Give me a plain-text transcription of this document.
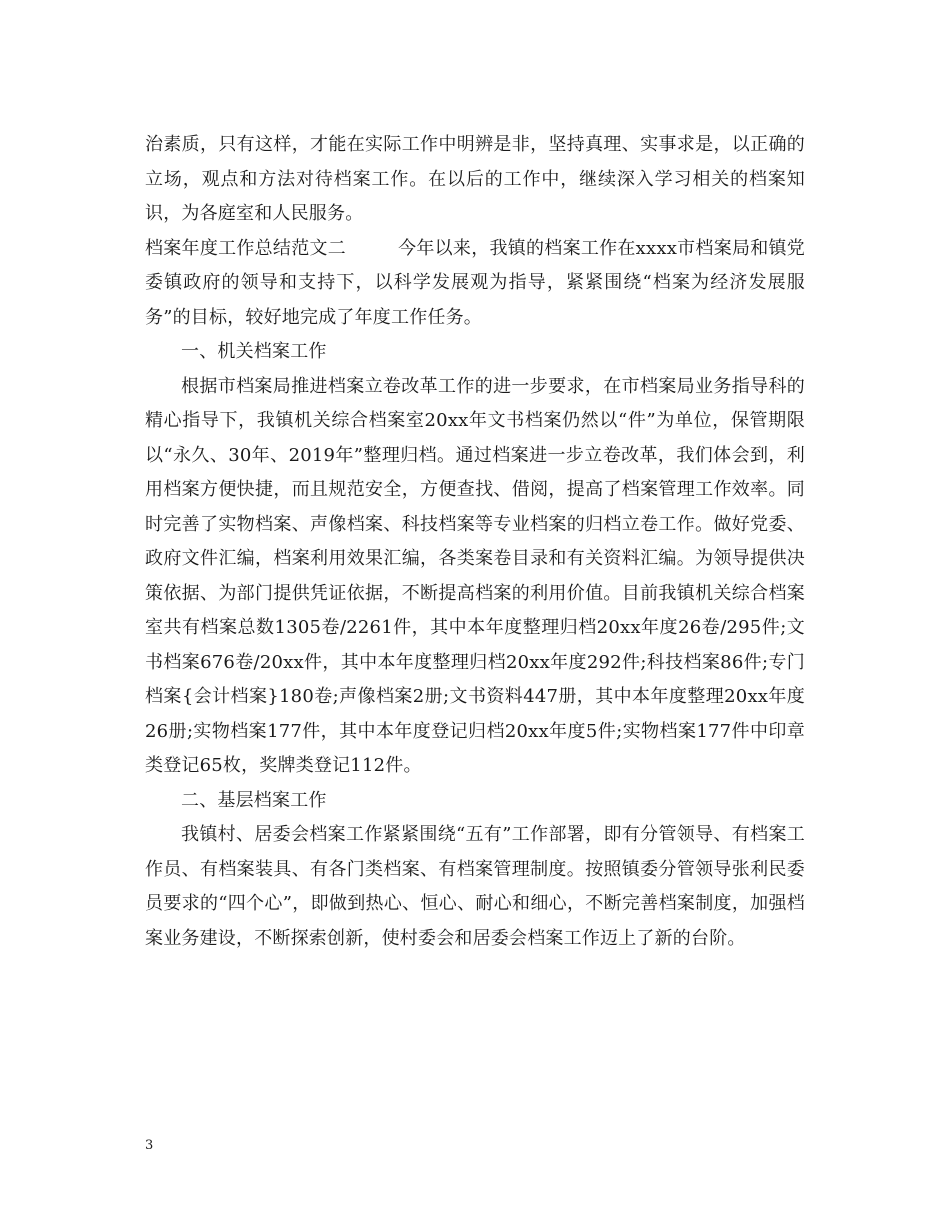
治素质，只有这样，才能在实际工作中明辨是非，坚持真理、实事求是，以正确的立场，观点和方法对待档案工作。在以后的工作中，继续深入学习相关的档案知识，为各庭室和人民服务。

档案年度工作总结范文二	今年以来，我镇的档案工作在xxxx市档案局和镇党委镇政府的领导和支持下，以科学发展观为指导，紧紧围绕“档案为经济发展服务”的目标，较好地完成了年度工作任务。

一、机关档案工作

根据市档案局推进档案立卷改革工作的进一步要求，在市档案局业务指导科的精心指导下，我镇机关综合档案室20xx年文书档案仍然以“件”为单位，保管期限以“永久、30年、2019年”整理归档。通过档案进一步立卷改革，我们体会到，利用档案方便快捷，而且规范安全，方便查找、借阅，提高了档案管理工作效率。同时完善了实物档案、声像档案、科技档案等专业档案的归档立卷工作。做好党委、政府文件汇编，档案利用效果汇编，各类案卷目录和有关资料汇编。为领导提供决策依据、为部门提供凭证依据，不断提高档案的利用价值。目前我镇机关综合档案室共有档案总数1305卷/2261件，其中本年度整理归档20xx年度26卷/295件;文书档案676卷/20xx件，其中本年度整理归档20xx年度292件;科技档案86件;专门档案{会计档案}180卷;声像档案2册;文书资料447册，其中本年度整理20xx年度26册;实物档案177件，其中本年度登记归档20xx年度5件;实物档案177件中印章类登记65枚，奖牌类登记112件。

二、基层档案工作

我镇村、居委会档案工作紧紧围绕“五有”工作部署，即有分管领导、有档案工作员、有档案装具、有各门类档案、有档案管理制度。按照镇委分管领导张利民委员要求的“四个心”，即做到热心、恒心、耐心和细心，不断完善档案制度，加强档案业务建设，不断探索创新，使村委会和居委会档案工作迈上了新的台阶。

3
